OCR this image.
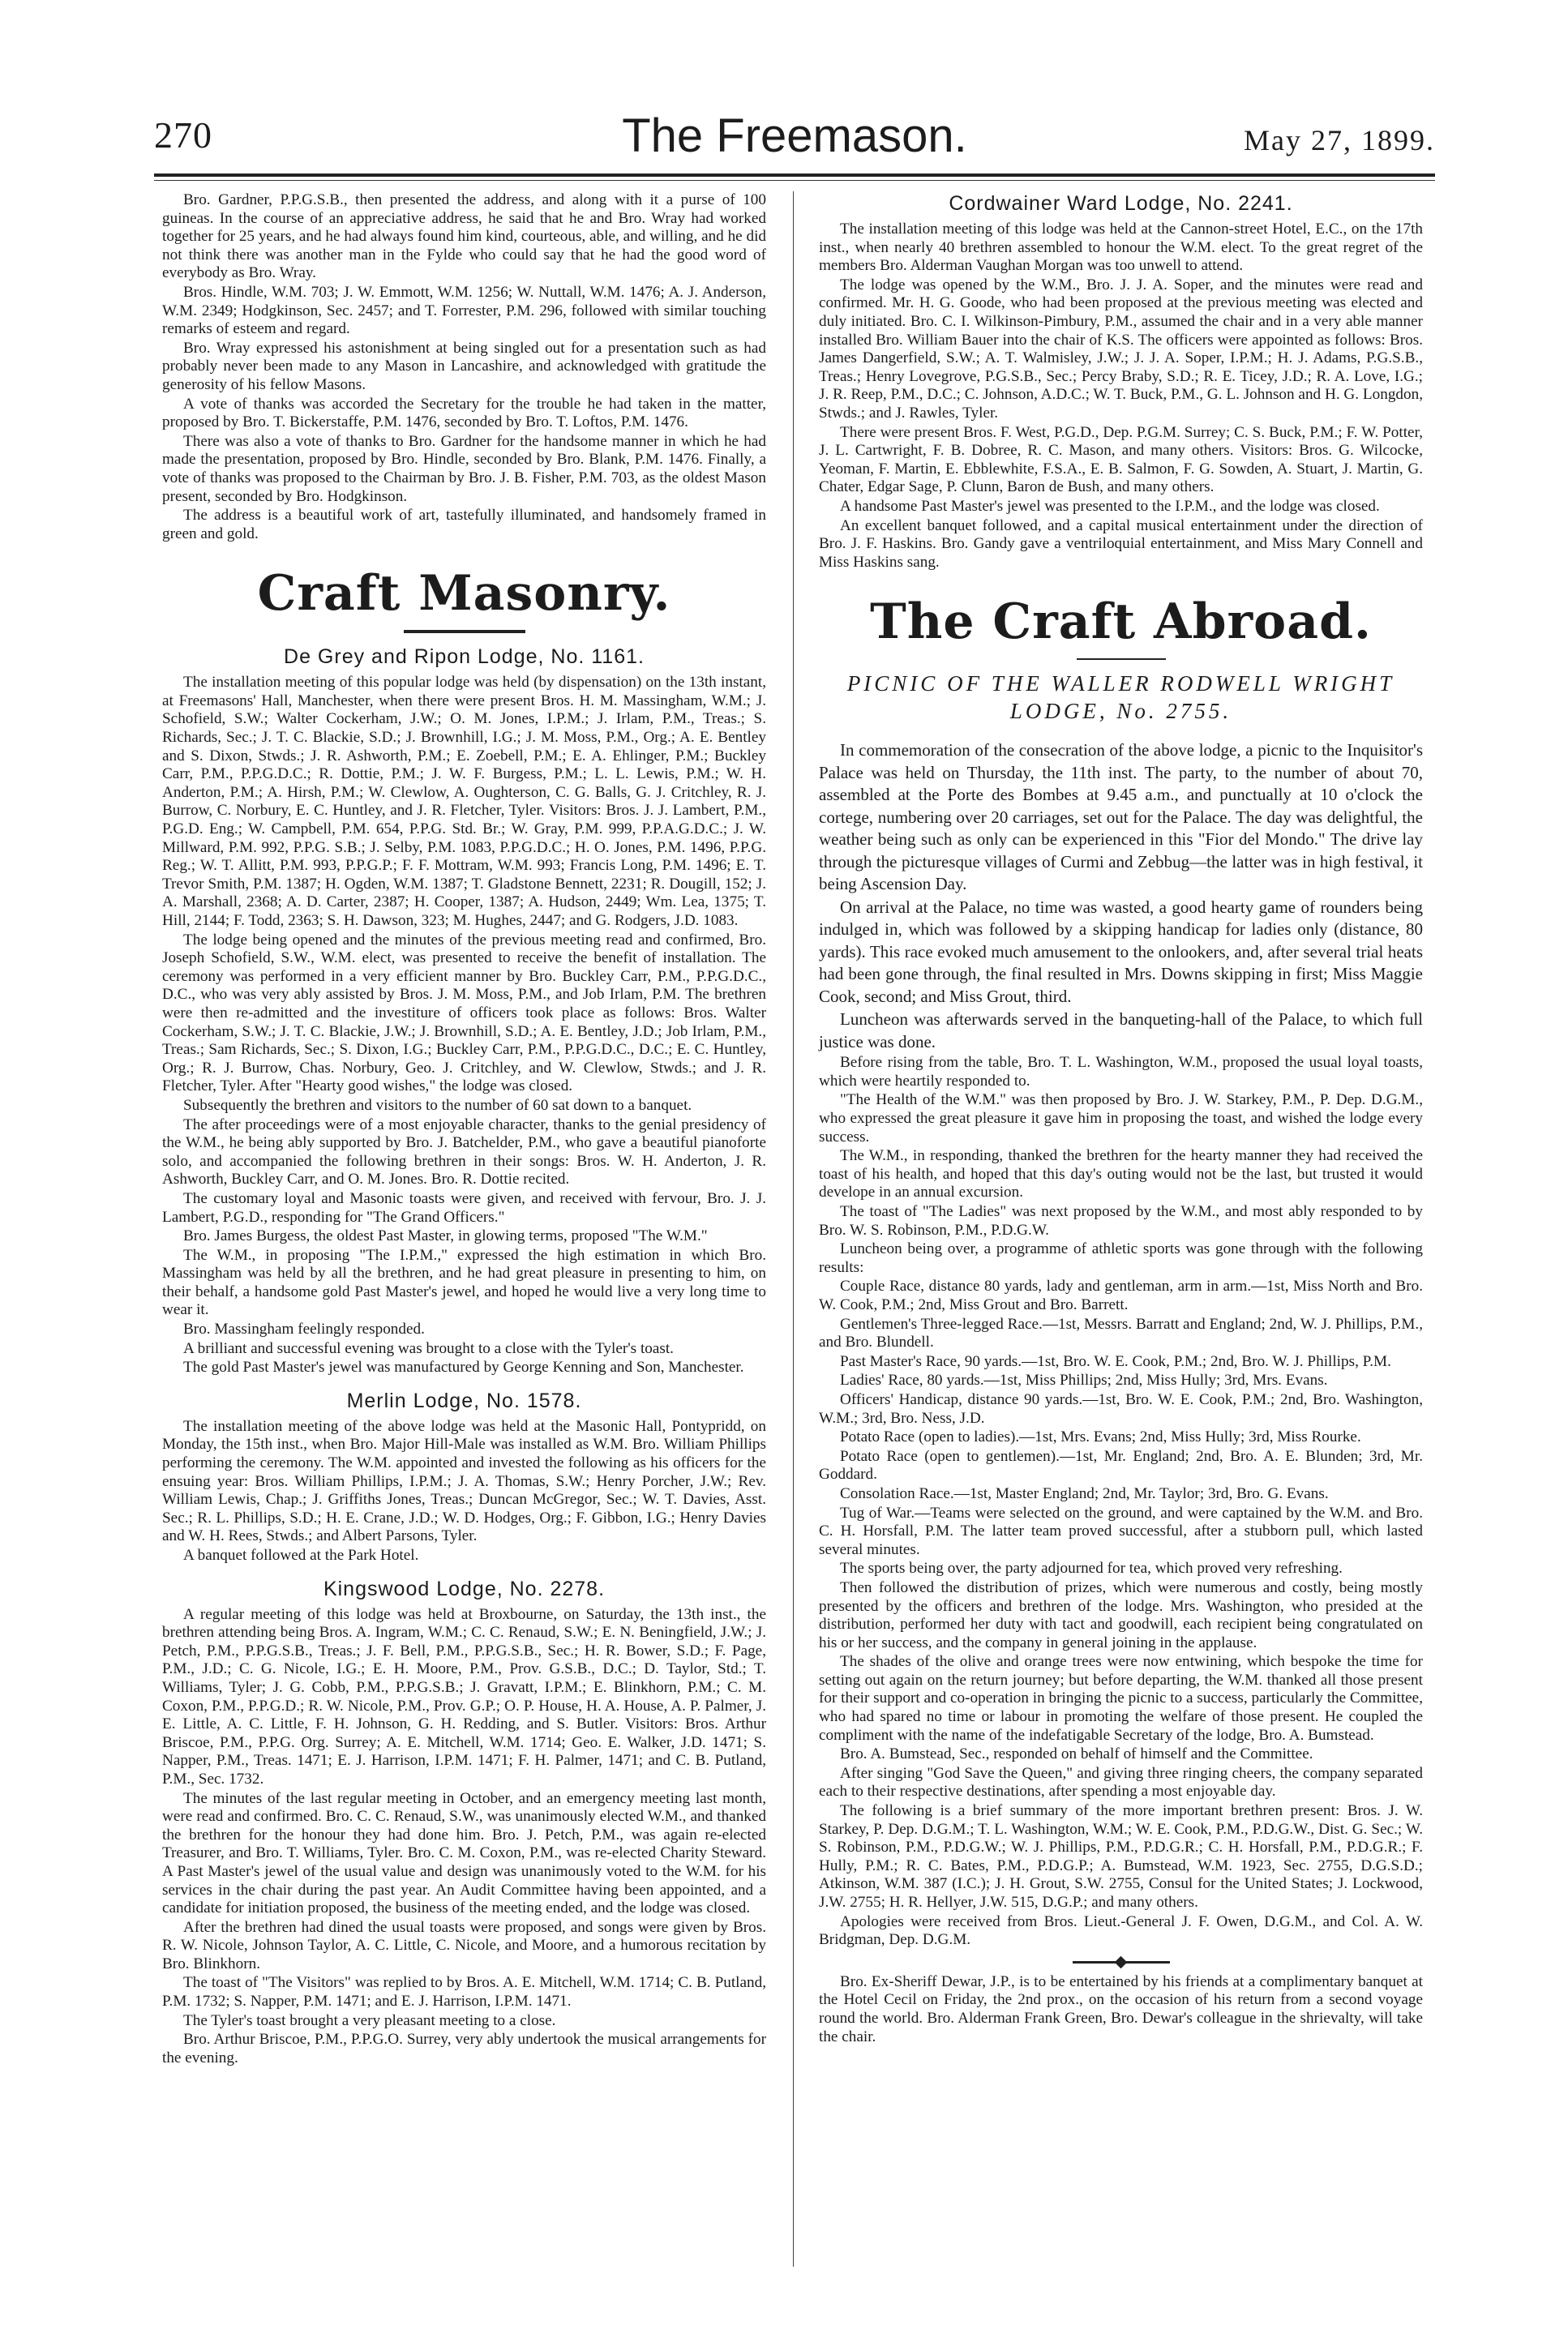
270	The Freemason.	May 27, 1899.

Bro. Gardner, P.P.G.S.B., then presented the address, and along with it a purse of 100 guineas. In the course of an appreciative address, he said that he and Bro. Wray had worked together for 25 years, and he had always found him kind, courteous, able, and willing, and he did not think there was another man in the Fylde who could say that he had the good word of everybody as Bro. Wray.

Bros. Hindle, W.M. 703; J. W. Emmott, W.M. 1256; W. Nuttall, W.M. 1476; A. J. Anderson, W.M. 2349; Hodgkinson, Sec. 2457; and T. Forrester, P.M. 296, followed with similar touching remarks of esteem and regard.

Bro. Wray expressed his astonishment at being singled out for a presentation such as had probably never been made to any Mason in Lancashire, and acknowledged with gratitude the generosity of his fellow Masons.

A vote of thanks was accorded the Secretary for the trouble he had taken in the matter, proposed by Bro. T. Bickerstaffe, P.M. 1476, seconded by Bro. T. Loftos, P.M. 1476.

There was also a vote of thanks to Bro. Gardner for the handsome manner in which he had made the presentation, proposed by Bro. Hindle, seconded by Bro. Blank, P.M. 1476. Finally, a vote of thanks was proposed to the Chairman by Bro. J. B. Fisher, P.M. 703, as the oldest Mason present, seconded by Bro. Hodgkinson.

The address is a beautiful work of art, tastefully illuminated, and handsomely framed in green and gold.

Craft Masonry.
De Grey and Ripon Lodge, No. 1161.

The installation meeting of this popular lodge was held (by dispensation) on the 13th instant, at Freemasons' Hall, Manchester, when there were present Bros. H. M. Massingham, W.M.; J. Schofield, S.W.; Walter Cockerham, J.W.; O. M. Jones, I.P.M.; J. Irlam, P.M., Treas.; S. Richards, Sec.; J. T. C. Blackie, S.D.; J. Brownhill, I.G.; J. M. Moss, P.M., Org.; A. E. Bentley and S. Dixon, Stwds.; J. R. Ashworth, P.M.; E. Zoebell, P.M.; E. A. Ehlinger, P.M.; Buckley Carr, P.M., P.P.G.D.C.; R. Dottie, P.M.; J. W. F. Burgess, P.M.; L. L. Lewis, P.M.; W. H. Anderton, P.M.; A. Hirsh, P.M.; W. Clewlow, A. Oughterson, C. G. Balls, G. J. Critchley, R. J. Burrow, C. Norbury, E. C. Huntley, and J. R. Fletcher, Tyler. Visitors: Bros. J. J. Lambert, P.M., P.G.D. Eng.; W. Campbell, P.M. 654, P.P.G. Std. Br.; W. Gray, P.M. 999, P.P.A.G.D.C.; J. W. Millward, P.M. 992, P.P.G. S.B.; J. Selby, P.M. 1083, P.P.G.D.C.; H. O. Jones, P.M. 1496, P.P.G. Reg.; W. T. Allitt, P.M. 993, P.P.G.P.; F. F. Mottram, W.M. 993; Francis Long, P.M. 1496; E. T. Trevor Smith, P.M. 1387; H. Ogden, W.M. 1387; T. Gladstone Bennett, 2231; R. Dougill, 152; J. A. Marshall, 2368; A. D. Carter, 2387; H. Cooper, 1387; A. Hudson, 2449; Wm. Lea, 1375; T. Hill, 2144; F. Todd, 2363; S. H. Dawson, 323; M. Hughes, 2447; and G. Rodgers, J.D. 1083.

The lodge being opened and the minutes of the previous meeting read and confirmed, Bro. Joseph Schofield, S.W., W.M. elect, was presented to receive the benefit of installation. The ceremony was performed in a very efficient manner by Bro. Buckley Carr, P.M., P.P.G.D.C., D.C., who was very ably assisted by Bros. J. M. Moss, P.M., and Job Irlam, P.M. The brethren were then re-admitted and the investiture of officers took place as follows: Bros. Walter Cockerham, S.W.; J. T. C. Blackie, J.W.; J. Brownhill, S.D.; A. E. Bentley, J.D.; Job Irlam, P.M., Treas.; Sam Richards, Sec.; S. Dixon, I.G.; Buckley Carr, P.M., P.P.G.D.C., D.C.; E. C. Huntley, Org.; R. J. Burrow, Chas. Norbury, Geo. J. Critchley, and W. Clewlow, Stwds.; and J. R. Fletcher, Tyler. After "Hearty good wishes," the lodge was closed.

Subsequently the brethren and visitors to the number of 60 sat down to a banquet.

The after proceedings were of a most enjoyable character, thanks to the genial presidency of the W.M., he being ably supported by Bro. J. Batchelder, P.M., who gave a beautiful pianoforte solo, and accompanied the following brethren in their songs: Bros. W. H. Anderton, J. R. Ashworth, Buckley Carr, and O. M. Jones. Bro. R. Dottie recited.

The customary loyal and Masonic toasts were given, and received with fervour, Bro. J. J. Lambert, P.G.D., responding for "The Grand Officers."

Bro. James Burgess, the oldest Past Master, in glowing terms, proposed "The W.M."

The W.M., in proposing "The I.P.M.," expressed the high estimation in which Bro. Massingham was held by all the brethren, and he had great pleasure in presenting to him, on their behalf, a handsome gold Past Master's jewel, and hoped he would live a very long time to wear it.

Bro. Massingham feelingly responded.

A brilliant and successful evening was brought to a close with the Tyler's toast.

The gold Past Master's jewel was manufactured by George Kenning and Son, Manchester.

Merlin Lodge, No. 1578.

The installation meeting of the above lodge was held at the Masonic Hall, Pontypridd, on Monday, the 15th inst., when Bro. Major Hill-Male was installed as W.M. Bro. William Phillips performing the ceremony. The W.M. appointed and invested the following as his officers for the ensuing year: Bros. William Phillips, I.P.M.; J. A. Thomas, S.W.; Henry Porcher, J.W.; Rev. William Lewis, Chap.; J. Griffiths Jones, Treas.; Duncan McGregor, Sec.; W. T. Davies, Asst. Sec.; R. L. Phillips, S.D.; H. E. Crane, J.D.; W. D. Hodges, Org.; F. Gibbon, I.G.; Henry Davies and W. H. Rees, Stwds.; and Albert Parsons, Tyler.

A banquet followed at the Park Hotel.

Kingswood Lodge, No. 2278.

A regular meeting of this lodge was held at Broxbourne, on Saturday, the 13th inst., the brethren attending being Bros. A. Ingram, W.M.; C. C. Renaud, S.W.; E. N. Beningfield, J.W.; J. Petch, P.M., P.P.G.S.B., Treas.; J. F. Bell, P.M., P.P.G.S.B., Sec.; H. R. Bower, S.D.; F. Page, P.M., J.D.; C. G. Nicole, I.G.; E. H. Moore, P.M., Prov. G.S.B., D.C.; D. Taylor, Std.; T. Williams, Tyler; J. G. Cobb, P.M., P.P.G.S.B.; J. Gravatt, I.P.M.; E. Blinkhorn, P.M.; C. M. Coxon, P.M., P.P.G.D.; R. W. Nicole, P.M., Prov. G.P.; O. P. House, H. A. House, A. P. Palmer, J. E. Little, A. C. Little, F. H. Johnson, G. H. Redding, and S. Butler. Visitors: Bros. Arthur Briscoe, P.M., P.P.G. Org. Surrey; A. E. Mitchell, W.M. 1714; Geo. E. Walker, J.D. 1471; S. Napper, P.M., Treas. 1471; E. J. Harrison, I.P.M. 1471; F. H. Palmer, 1471; and C. B. Putland, P.M., Sec. 1732.

The minutes of the last regular meeting in October, and an emergency meeting last month, were read and confirmed. Bro. C. C. Renaud, S.W., was unanimously elected W.M., and thanked the brethren for the honour they had done him. Bro. J. Petch, P.M., was again re-elected Treasurer, and Bro. T. Williams, Tyler. Bro. C. M. Coxon, P.M., was re-elected Charity Steward. A Past Master's jewel of the usual value and design was unanimously voted to the W.M. for his services in the chair during the past year. An Audit Committee having been appointed, and a candidate for initiation proposed, the business of the meeting ended, and the lodge was closed.

After the brethren had dined the usual toasts were proposed, and songs were given by Bros. R. W. Nicole, Johnson Taylor, A. C. Little, C. Nicole, and Moore, and a humorous recitation by Bro. Blinkhorn.

The toast of "The Visitors" was replied to by Bros. A. E. Mitchell, W.M. 1714; C. B. Putland, P.M. 1732; S. Napper, P.M. 1471; and E. J. Harrison, I.P.M. 1471.

The Tyler's toast brought a very pleasant meeting to a close.

Bro. Arthur Briscoe, P.M., P.P.G.O. Surrey, very ably undertook the musical arrangements for the evening.

Cordwainer Ward Lodge, No. 2241.

The installation meeting of this lodge was held at the Cannon-street Hotel, E.C., on the 17th inst., when nearly 40 brethren assembled to honour the W.M. elect. To the great regret of the members Bro. Alderman Vaughan Morgan was too unwell to attend.

The lodge was opened by the W.M., Bro. J. J. A. Soper, and the minutes were read and confirmed. Mr. H. G. Goode, who had been proposed at the previous meeting was elected and duly initiated. Bro. C. I. Wilkinson-Pimbury, P.M., assumed the chair and in a very able manner installed Bro. William Bauer into the chair of K.S. The officers were appointed as follows: Bros. James Dangerfield, S.W.; A. T. Walmisley, J.W.; J. J. A. Soper, I.P.M.; H. J. Adams, P.G.S.B., Treas.; Henry Lovegrove, P.G.S.B., Sec.; Percy Braby, S.D.; R. E. Ticey, J.D.; R. A. Love, I.G.; J. R. Reep, P.M., D.C.; C. Johnson, A.D.C.; W. T. Buck, P.M., G. L. Johnson and H. G. Longdon, Stwds.; and J. Rawles, Tyler.

There were present Bros. F. West, P.G.D., Dep. P.G.M. Surrey; C. S. Buck, P.M.; F. W. Potter, J. L. Cartwright, F. B. Dobree, R. C. Mason, and many others. Visitors: Bros. G. Wilcocke, Yeoman, F. Martin, E. Ebblewhite, F.S.A., E. B. Salmon, F. G. Sowden, A. Stuart, J. Martin, G. Chater, Edgar Sage, P. Clunn, Baron de Bush, and many others.

A handsome Past Master's jewel was presented to the I.P.M., and the lodge was closed.

An excellent banquet followed, and a capital musical entertainment under the direction of Bro. J. F. Haskins. Bro. Gandy gave a ventriloquial entertainment, and Miss Mary Connell and Miss Haskins sang.

The Craft Abroad.
PICNIC OF THE WALLER RODWELL WRIGHT
LODGE, No. 2755.

In commemoration of the consecration of the above lodge, a picnic to the Inquisitor's Palace was held on Thursday, the 11th inst. The party, to the number of about 70, assembled at the Porte des Bombes at 9.45 a.m., and punctually at 10 o'clock the cortege, numbering over 20 carriages, set out for the Palace. The day was delightful, the weather being such as only can be experienced in this "Fior del Mondo." The drive lay through the picturesque villages of Curmi and Zebbug—the latter was in high festival, it being Ascension Day.

On arrival at the Palace, no time was wasted, a good hearty game of rounders being indulged in, which was followed by a skipping handicap for ladies only (distance, 80 yards). This race evoked much amusement to the onlookers, and, after several trial heats had been gone through, the final resulted in Mrs. Downs skipping in first; Miss Maggie Cook, second; and Miss Grout, third.

Luncheon was afterwards served in the banqueting-hall of the Palace, to which full justice was done.

Before rising from the table, Bro. T. L. Washington, W.M., proposed the usual loyal toasts, which were heartily responded to.

"The Health of the W.M." was then proposed by Bro. J. W. Starkey, P.M., P. Dep. D.G.M., who expressed the great pleasure it gave him in proposing the toast, and wished the lodge every success.

The W.M., in responding, thanked the brethren for the hearty manner they had received the toast of his health, and hoped that this day's outing would not be the last, but trusted it would develope in an annual excursion.

The toast of "The Ladies" was next proposed by the W.M., and most ably responded to by Bro. W. S. Robinson, P.M., P.D.G.W.

Luncheon being over, a programme of athletic sports was gone through with the following results:

Couple Race, distance 80 yards, lady and gentleman, arm in arm.—1st, Miss North and Bro. W. Cook, P.M.; 2nd, Miss Grout and Bro. Barrett.

Gentlemen's Three-legged Race.—1st, Messrs. Barratt and England; 2nd, W. J. Phillips, P.M., and Bro. Blundell.

Past Master's Race, 90 yards.—1st, Bro. W. E. Cook, P.M.; 2nd, Bro. W. J. Phillips, P.M.

Ladies' Race, 80 yards.—1st, Miss Phillips; 2nd, Miss Hully; 3rd, Mrs. Evans.

Officers' Handicap, distance 90 yards.—1st, Bro. W. E. Cook, P.M.; 2nd, Bro. Washington, W.M.; 3rd, Bro. Ness, J.D.

Potato Race (open to ladies).—1st, Mrs. Evans; 2nd, Miss Hully; 3rd, Miss Rourke.

Potato Race (open to gentlemen).—1st, Mr. England; 2nd, Bro. A. E. Blunden; 3rd, Mr. Goddard.

Consolation Race.—1st, Master England; 2nd, Mr. Taylor; 3rd, Bro. G. Evans.

Tug of War.—Teams were selected on the ground, and were captained by the W.M. and Bro. C. H. Horsfall, P.M. The latter team proved successful, after a stubborn pull, which lasted several minutes.

The sports being over, the party adjourned for tea, which proved very refreshing.

Then followed the distribution of prizes, which were numerous and costly, being mostly presented by the officers and brethren of the lodge. Mrs. Washington, who presided at the distribution, performed her duty with tact and goodwill, each recipient being congratulated on his or her success, and the company in general joining in the applause.

The shades of the olive and orange trees were now entwining, which bespoke the time for setting out again on the return journey; but before departing, the W.M. thanked all those present for their support and co-operation in bringing the picnic to a success, particularly the Committee, who had spared no time or labour in promoting the welfare of those present. He coupled the compliment with the name of the indefatigable Secretary of the lodge, Bro. A. Bumstead.

Bro. A. Bumstead, Sec., responded on behalf of himself and the Committee.

After singing "God Save the Queen," and giving three ringing cheers, the company separated each to their respective destinations, after spending a most enjoyable day.

The following is a brief summary of the more important brethren present: Bros. J. W. Starkey, P. Dep. D.G.M.; T. L. Washington, W.M.; W. E. Cook, P.M., P.D.G.W., Dist. G. Sec.; W. S. Robinson, P.M., P.D.G.W.; W. J. Phillips, P.M., P.D.G.R.; C. H. Horsfall, P.M., P.D.G.R.; F. Hully, P.M.; R. C. Bates, P.M., P.D.G.P.; A. Bumstead, W.M. 1923, Sec. 2755, D.G.S.D.; Atkinson, W.M. 387 (I.C.); J. H. Grout, S.W. 2755, Consul for the United States; J. Lockwood, J.W. 2755; H. R. Hellyer, J.W. 515, D.G.P.; and many others.

Apologies were received from Bros. Lieut.-General J. F. Owen, D.G.M., and Col. A. W. Bridgman, Dep. D.G.M.

Bro. Ex-Sheriff Dewar, J.P., is to be entertained by his friends at a complimentary banquet at the Hotel Cecil on Friday, the 2nd prox., on the occasion of his return from a second voyage round the world. Bro. Alderman Frank Green, Bro. Dewar's colleague in the shrievalty, will take the chair.
